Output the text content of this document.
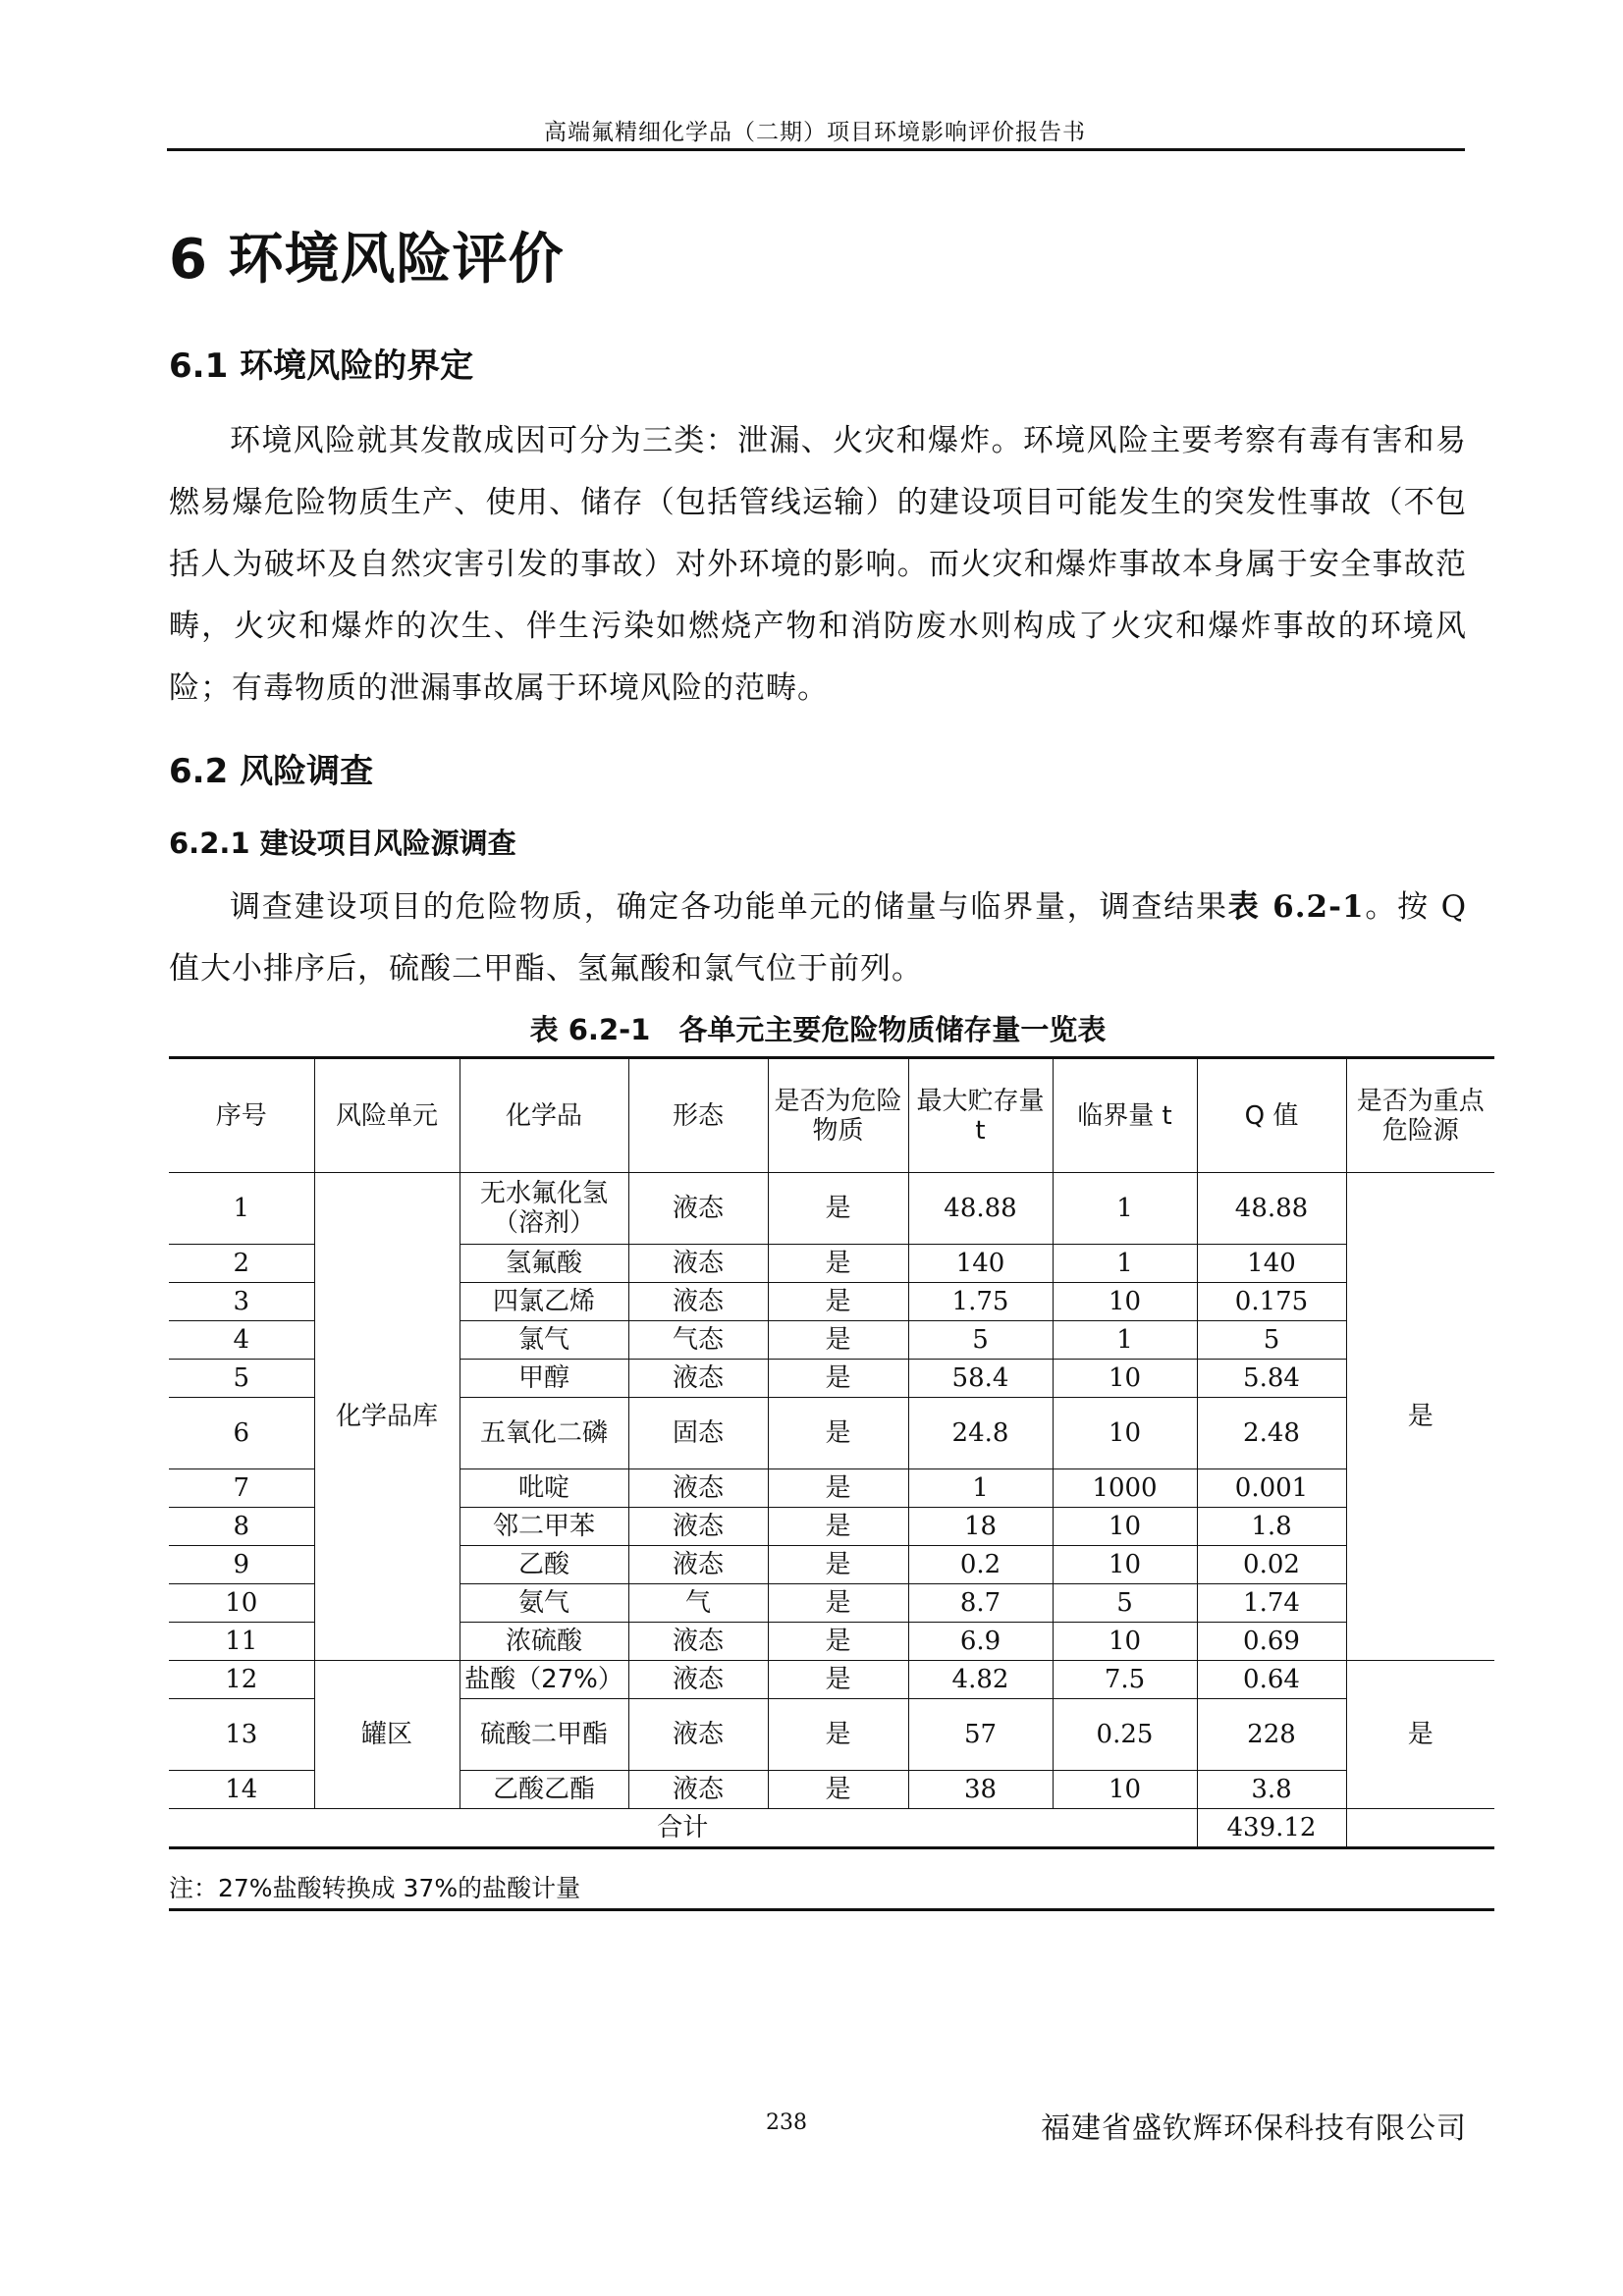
高端氟精细化学品（二期）项目环境影响评价报告书
6 环境风险评价
6.1 环境风险的界定

环境风险就其发散成因可分为三类：泄漏、火灾和爆炸。环境风险主要考察有毒有害和易燃易爆危险物质生产、使用、储存（包括管线运输）的建设项目可能发生的突发性事故（不包括人为破坏及自然灾害引发的事故）对外环境的影响。而火灾和爆炸事故本身属于安全事故范畴，火灾和爆炸的次生、伴生污染如燃烧产物和消防废水则构成了火灾和爆炸事故的环境风险；有毒物质的泄漏事故属于环境风险的范畴。

6.2 风险调查
6.2.1 建设项目风险源调查

调查建设项目的危险物质，确定各功能单元的储量与临界量，调查结果表 6.2-1。按 Q 值大小排序后，硫酸二甲酯、氢氟酸和氯气位于前列。

表 6.2-1　各单元主要危险物质储存量一览表
序号	风险单元	化学品	形态	是否为危险物质	最大贮存量 t	临界量 t	Q 值	是否为重点危险源
1	化学品库	无水氟化氢（溶剂）	液态	是	48.88	1	48.88	是
2		氢氟酸	液态	是	140	1	140	
3		四氯乙烯	液态	是	1.75	10	0.175	
4		氯气	气态	是	5	1	5	
5		甲醇	液态	是	58.4	10	5.84	
6		五氧化二磷	固态	是	24.8	10	2.48	
7		吡啶	液态	是	1	1000	0.001	
8		邻二甲苯	液态	是	18	10	1.8	
9		乙酸	液态	是	0.2	10	0.02	
10		氨气	气	是	8.7	5	1.74	
11		浓硫酸	液态	是	6.9	10	0.69	
12	罐区	盐酸（27%）	液态	是	4.82	7.5	0.64	是
13		硫酸二甲酯	液态	是	57	0.25	228	
14		乙酸乙酯	液态	是	38	10	3.8	
合计							439.12	
注：27%盐酸转换成 37%的盐酸计量
238	福建省盛钦辉环保科技有限公司
